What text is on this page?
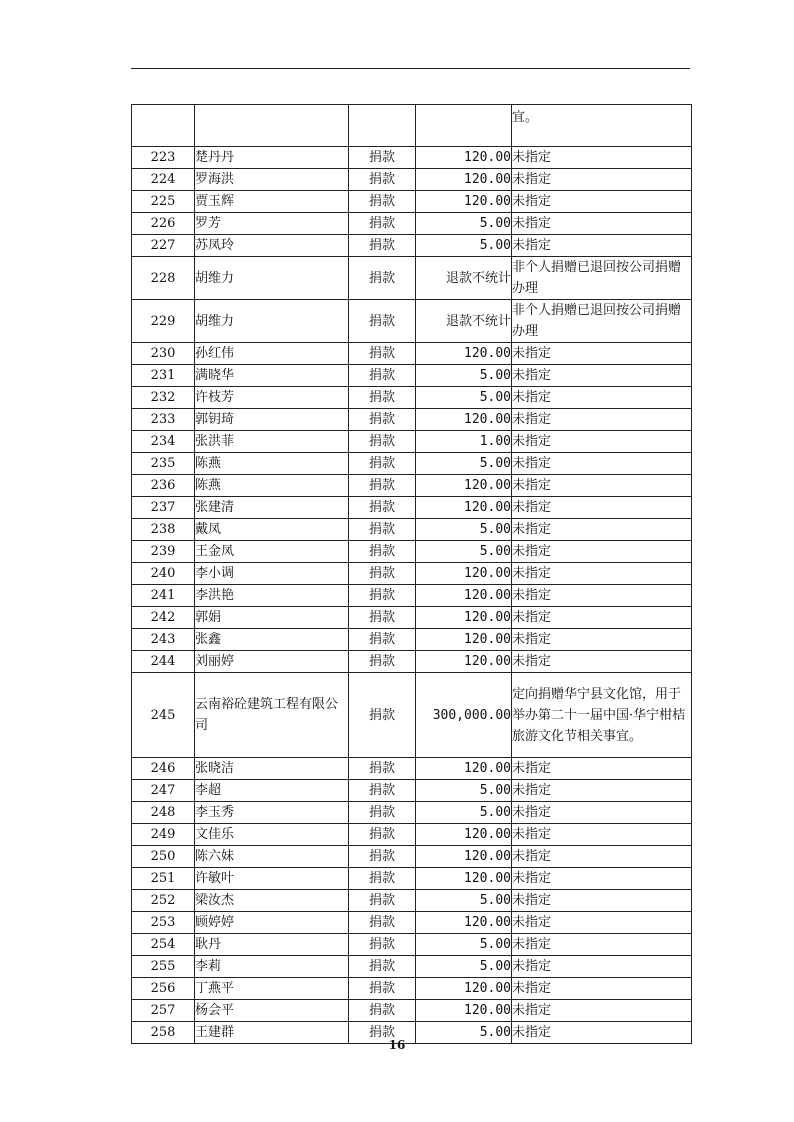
				宜。
223	楚丹丹	捐款	120.00	未指定
224	罗海洪	捐款	120.00	未指定
225	贾玉辉	捐款	120.00	未指定
226	罗芳	捐款	5.00	未指定
227	苏凤玲	捐款	5.00	未指定
228	胡维力	捐款	退款不统计	非个人捐赠已退回按公司捐赠办理
229	胡维力	捐款	退款不统计	非个人捐赠已退回按公司捐赠办理
230	孙红伟	捐款	120.00	未指定
231	满晓华	捐款	5.00	未指定
232	许枝芳	捐款	5.00	未指定
233	郭钥琦	捐款	120.00	未指定
234	张洪菲	捐款	1.00	未指定
235	陈燕	捐款	5.00	未指定
236	陈燕	捐款	120.00	未指定
237	张建清	捐款	120.00	未指定
238	戴凤	捐款	5.00	未指定
239	王金凤	捐款	5.00	未指定
240	李小调	捐款	120.00	未指定
241	李洪艳	捐款	120.00	未指定
242	郭娟	捐款	120.00	未指定
243	张鑫	捐款	120.00	未指定
244	刘丽婷	捐款	120.00	未指定
245	云南裕砼建筑工程有限公司	捐款	300,000.00	定向捐赠华宁县文化馆，用于举办第二十一届中国·华宁柑桔旅游文化节相关事宜。
246	张晓洁	捐款	120.00	未指定
247	李超	捐款	5.00	未指定
248	李玉秀	捐款	5.00	未指定
249	文佳乐	捐款	120.00	未指定
250	陈六妹	捐款	120.00	未指定
251	许敏叶	捐款	120.00	未指定
252	梁汝杰	捐款	5.00	未指定
253	顾婷婷	捐款	120.00	未指定
254	耿丹	捐款	5.00	未指定
255	李莉	捐款	5.00	未指定
256	丁燕平	捐款	120.00	未指定
257	杨会平	捐款	120.00	未指定
258	王建群	捐款	5.00	未指定
16
